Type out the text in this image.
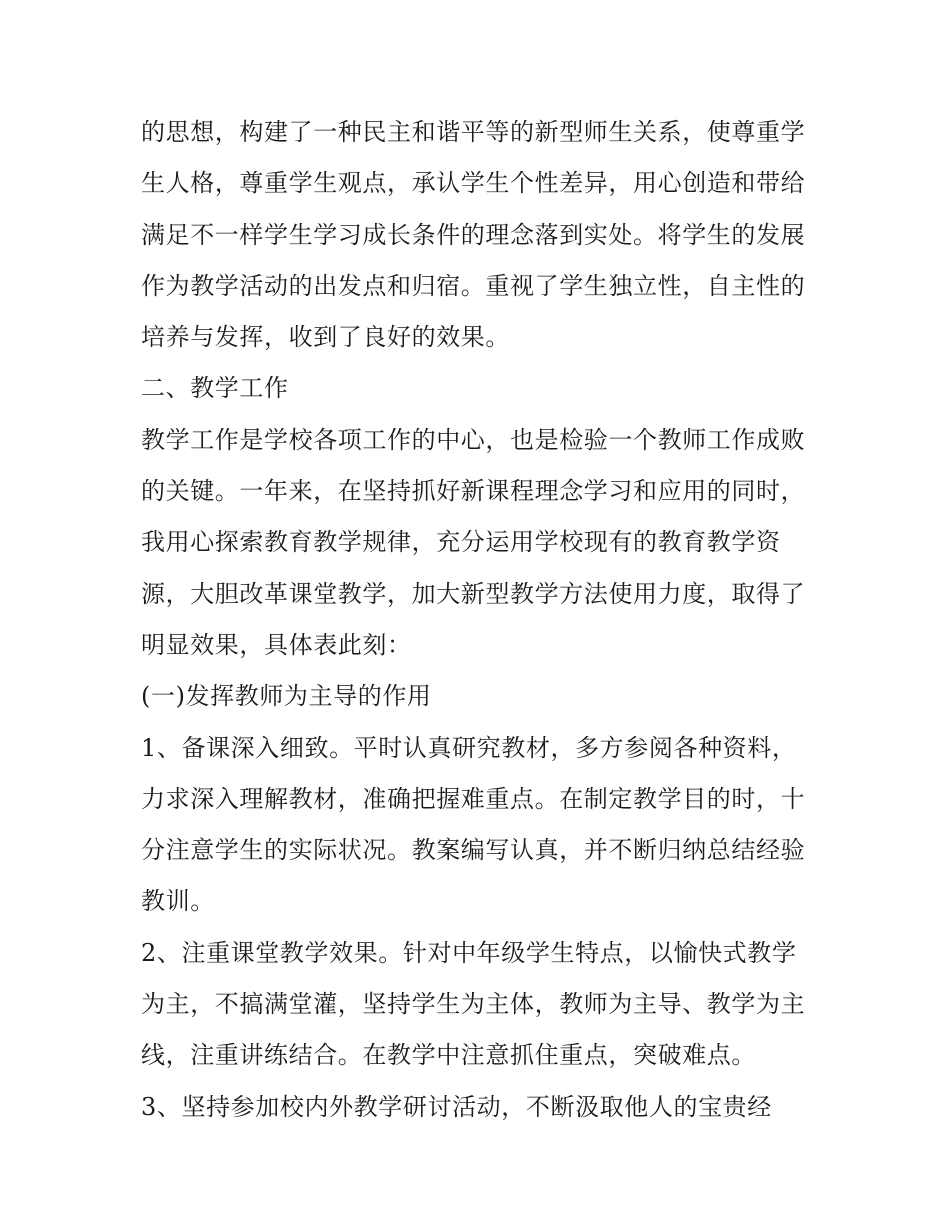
的思想，构建了一种民主和谐平等的新型师生关系，使尊重学
生人格，尊重学生观点，承认学生个性差异，用心创造和带给
满足不一样学生学习成长条件的理念落到实处。将学生的发展
作为教学活动的出发点和归宿。重视了学生独立性，自主性的
培养与发挥，收到了良好的效果。
二、教学工作
教学工作是学校各项工作的中心，也是检验一个教师工作成败
的关键。一年来，在坚持抓好新课程理念学习和应用的同时，
我用心探索教育教学规律，充分运用学校现有的教育教学资
源，大胆改革课堂教学，加大新型教学方法使用力度，取得了
明显效果，具体表此刻：
(一)发挥教师为主导的作用
1、备课深入细致。平时认真研究教材，多方参阅各种资料，
力求深入理解教材，准确把握难重点。在制定教学目的时，十
分注意学生的实际状况。教案编写认真，并不断归纳总结经验
教训。
2、注重课堂教学效果。针对中年级学生特点，以愉快式教学
为主，不搞满堂灌，坚持学生为主体，教师为主导、教学为主
线，注重讲练结合。在教学中注意抓住重点，突破难点。
3、坚持参加校内外教学研讨活动，不断汲取他人的宝贵经
